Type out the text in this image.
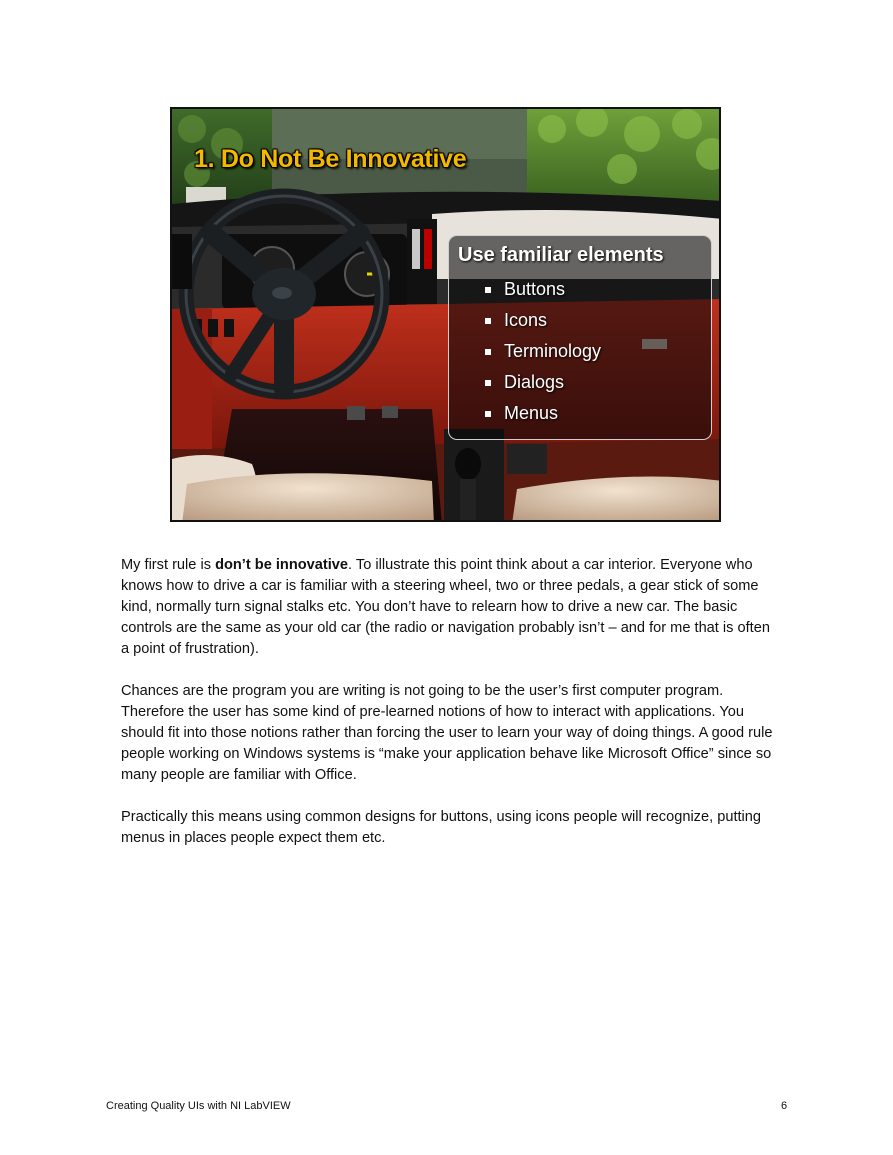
1. Do Not Be Innovative
Use familiar elements
Buttons
Icons
Terminology
Dialogs
Menus

My first rule is don’t be innovative. To illustrate this point think about a car interior. Everyone who knows how to drive a car is familiar with a steering wheel, two or three pedals, a gear stick of some kind, normally turn signal stalks etc. You don’t have to relearn how to drive a new car. The basic controls are the same as your old car (the radio or navigation probably isn’t – and for me that is often a point of frustration).

Chances are the program you are writing is not going to be the user’s first computer program. Therefore the user has some kind of pre-learned notions of how to interact with applications. You should fit into those notions rather than forcing the user to learn your way of doing things. A good rule people working on Windows systems is “make your application behave like Microsoft Office” since so many people are familiar with Office.

Practically this means using common designs for buttons, using icons people will recognize, putting menus in places people expect them etc.

Creating Quality UIs with NI LabVIEW	6
